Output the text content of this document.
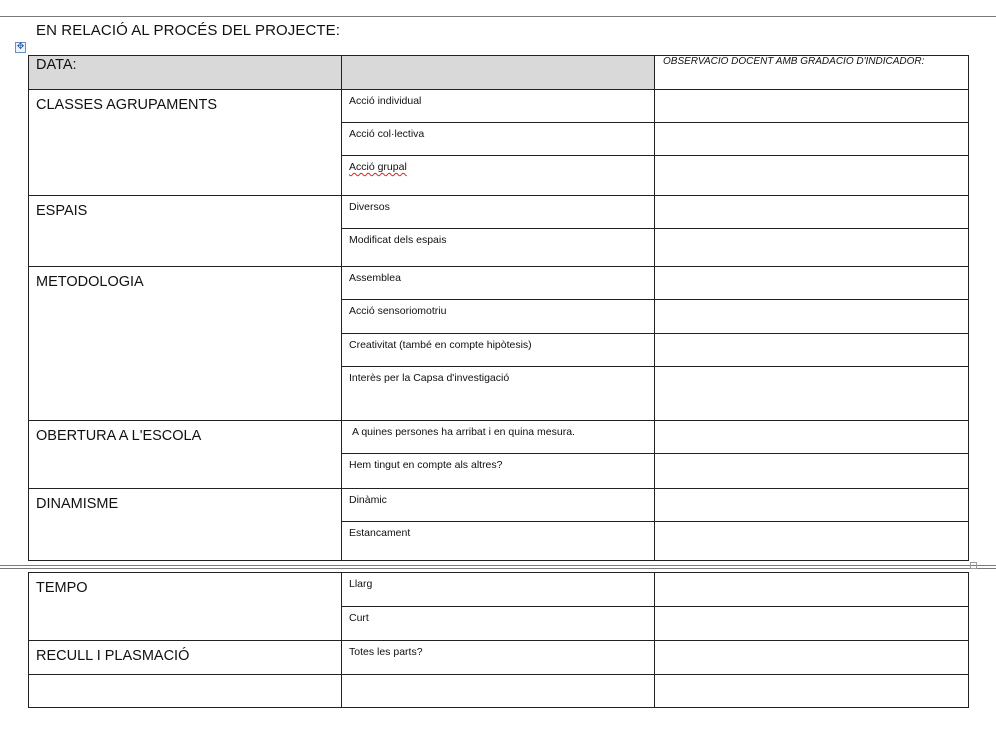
EN RELACIÓ AL PROCÉS DEL PROJECTE:
✥
DATA:		OBSERVACIO DOCENT AMB GRADACIO D'INDICADOR:

CLASSES AGRUPAMENTS	Acció individual	
	Acció col·lectiva	
	Acció grupal	
ESPAIS	Diversos	
	Modificat dels espais	
METODOLOGIA	Assemblea	
	Acció sensoriomotriu	
	Creativitat (també en compte hipòtesis)	
	Interès per la Capsa d'investigació	
OBERTURA A L'ESCOLA	A quines persones ha arribat i en quina mesura.	
	Hem tingut en compte als altres?	
DINAMISME	Dinàmic	
	Estancament	
TEMPO	Llarg	
	Curt	
RECULL I PLASMACIÓ	Totes les parts?	
